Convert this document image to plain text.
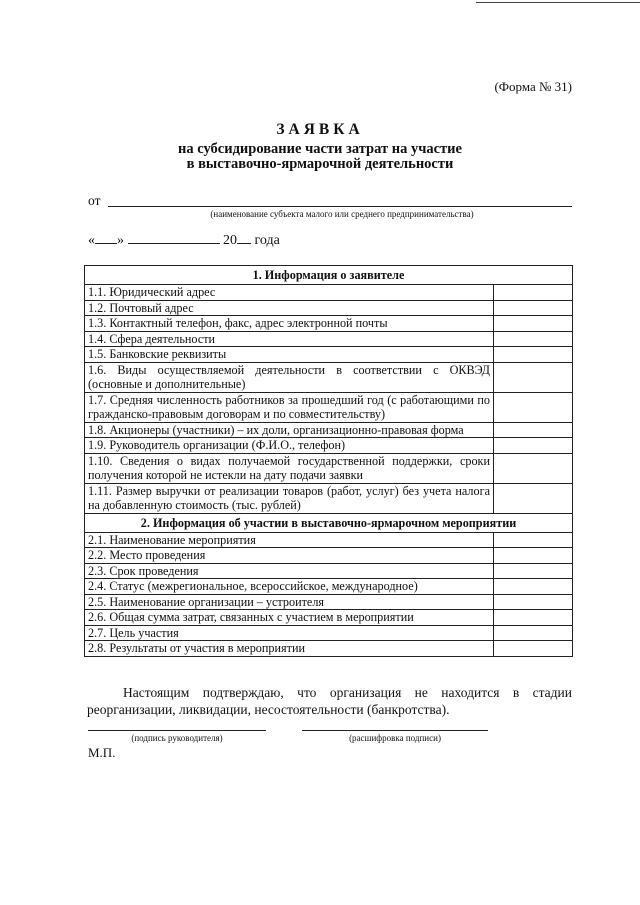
(Форма № 31)
ЗАЯВКА
на субсидирование части затрат на участие
в выставочно-ярмарочной деятельности
от
(наименование субъекта малого или среднего предпринимательства)
« »	20 года
1. Информация о заявителе	
1.1. Юридический адрес	
1.2. Почтовый адрес	
1.3. Контактный телефон, факс, адрес электронной почты	
1.4. Сфера деятельности	
1.5. Банковские реквизиты	
1.6. Виды осуществляемой деятельности в соответствии с ОКВЭД (основные и дополнительные)	
1.7. Средняя численность работников за прошедший год (с работающими по гражданско-правовым договорам и по совместительству)	
1.8. Акционеры (участники) – их доли, организационно-правовая форма	
1.9. Руководитель организации (Ф.И.О., телефон)	
1.10. Сведения о видах получаемой государственной поддержки, сроки получения которой не истекли на дату подачи заявки	
1.11. Размер выручки от реализации товаров (работ, услуг) без учета налога на добавленную стоимость (тыс. рублей)	
2. Информация об участии в выставочно-ярмарочном мероприятии	
2.1. Наименование мероприятия	
2.2. Место проведения	
2.3. Срок проведения	
2.4. Статус (межрегиональное, всероссийское, международное)	
2.5. Наименование организации – устроителя	
2.6. Общая сумма затрат, связанных с участием в мероприятии	
2.7. Цель участия	
2.8. Результаты от участия в мероприятии	
Настоящим подтверждаю, что организация не находится в стадии реорганизации, ликвидации, несостоятельности (банкротства).
(подпись руководителя)	(расшифровка подписи)
М.П.
